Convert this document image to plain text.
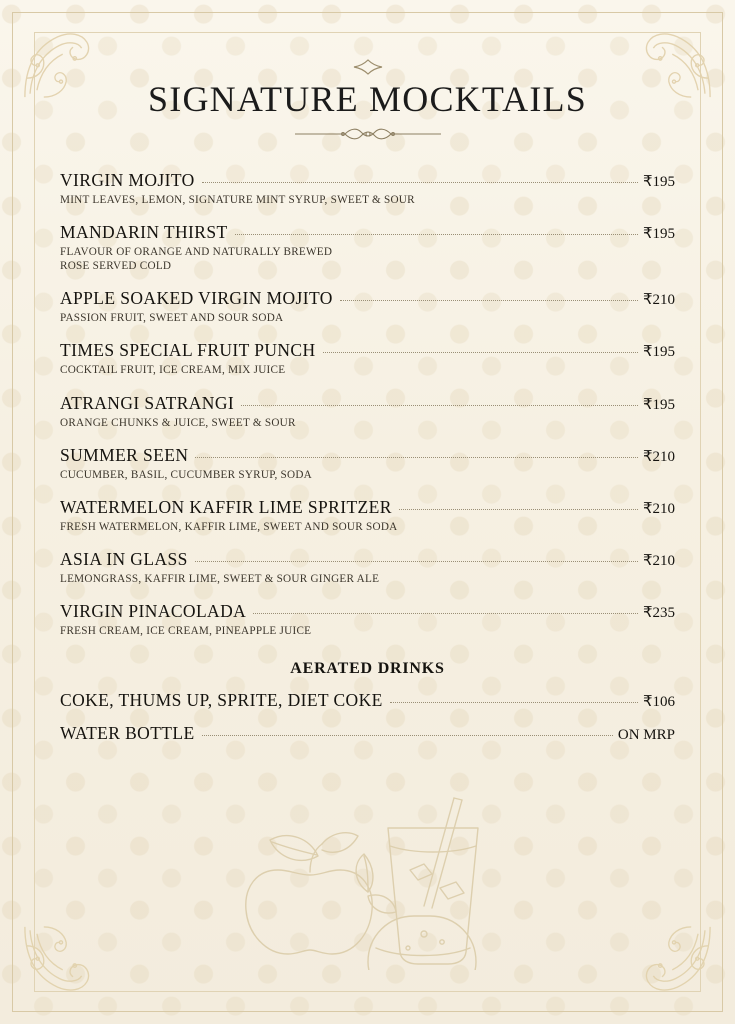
SIGNATURE MOCKTAILS
VIRGIN MOJITO	₹195
MINT LEAVES, LEMON, SIGNATURE MINT SYRUP, SWEET & SOUR
MANDARIN THIRST	₹195
FLAVOUR OF ORANGE AND NATURALLY BREWED
ROSE SERVED COLD
APPLE SOAKED VIRGIN MOJITO	₹210
PASSION FRUIT, SWEET AND SOUR SODA
TIMES SPECIAL FRUIT PUNCH	₹195
COCKTAIL FRUIT, ICE CREAM, MIX JUICE
ATRANGI SATRANGI	₹195
ORANGE CHUNKS & JUICE, SWEET & SOUR
SUMMER SEEN	₹210
CUCUMBER, BASIL, CUCUMBER SYRUP, SODA
WATERMELON KAFFIR LIME SPRITZER	₹210
FRESH WATERMELON, KAFFIR LIME, SWEET AND SOUR SODA
ASIA IN GLASS	₹210
LEMONGRASS, KAFFIR LIME, SWEET & SOUR GINGER ALE
VIRGIN PINACOLADA	₹235
FRESH CREAM, ICE CREAM, PINEAPPLE JUICE
AERATED DRINKS
COKE, THUMS UP, SPRITE, DIET COKE	₹106
WATER BOTTLE	ON MRP
